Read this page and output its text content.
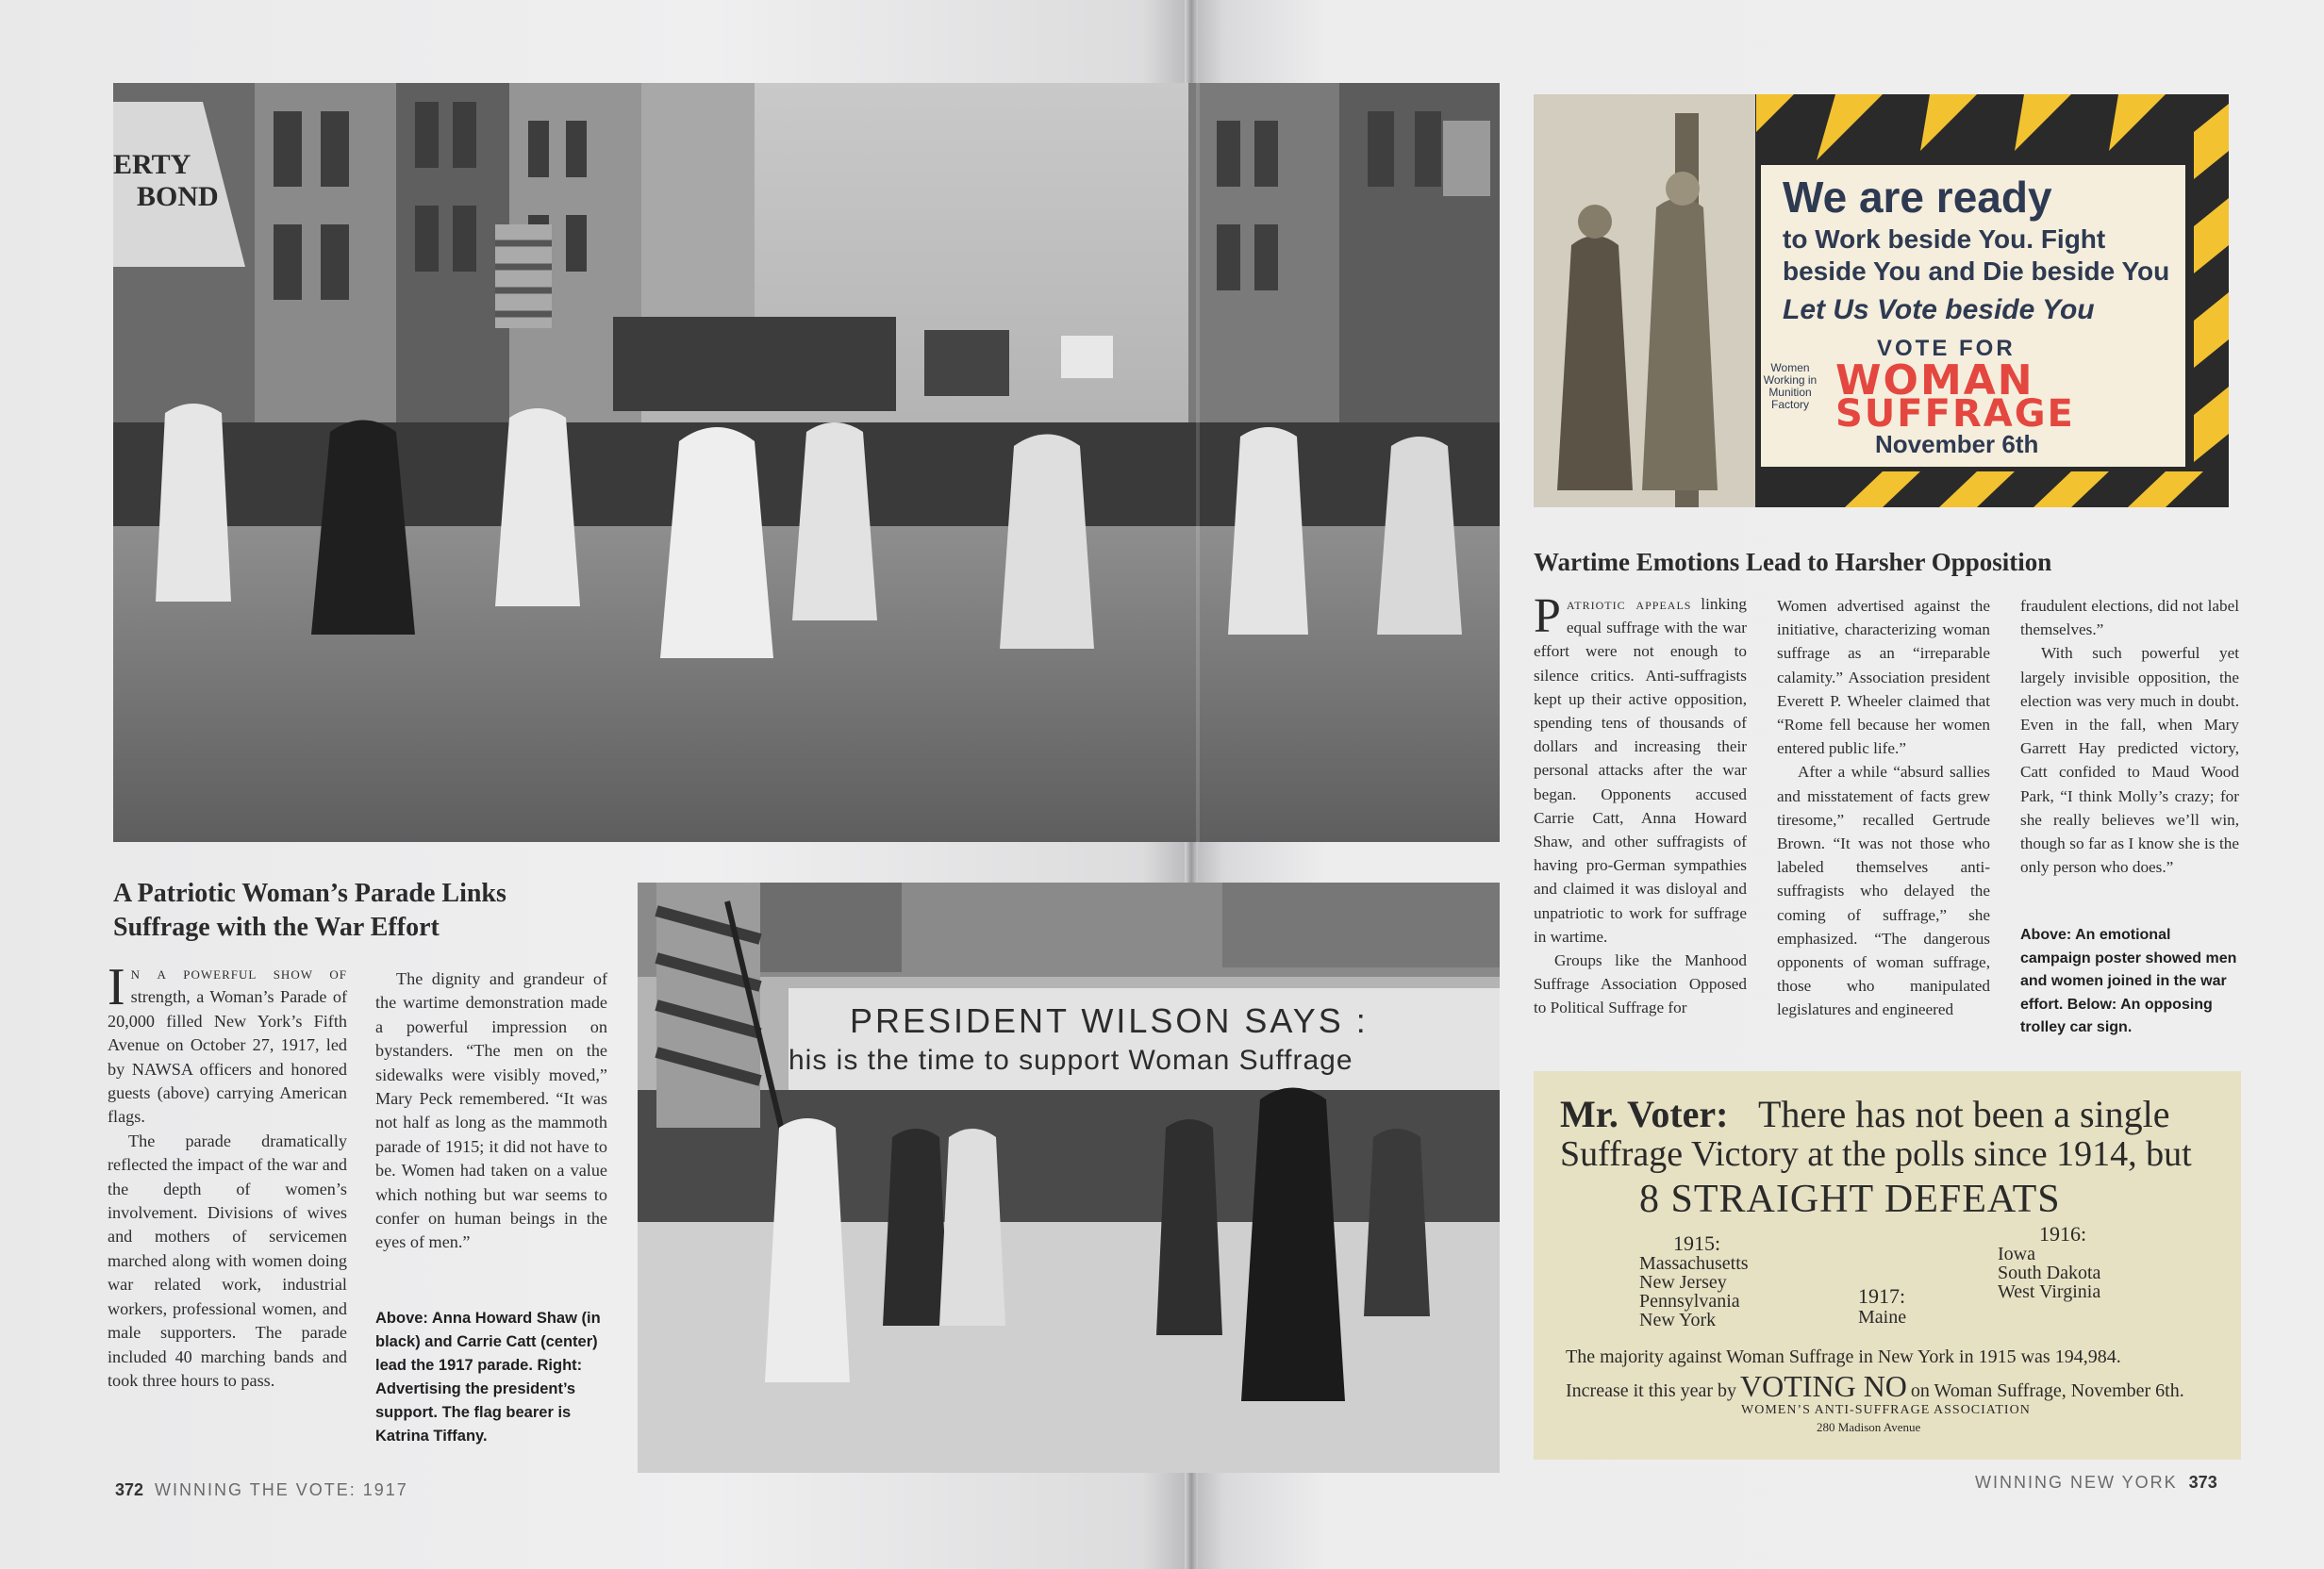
ERTY
BOND
PRESIDENT WILSON SAYS :
his is the time to support Woman Suffrage
A Patriotic Woman’s Parade Links Suffrage with the War Effort

In a powerful show of strength, a Woman’s Parade of 20,000 filled New York’s Fifth Avenue on October 27, 1917, led by NAWSA officers and honored guests (above) carrying American flags.

The parade dramatically reflected the impact of the war and the depth of women’s involvement. Divisions of wives and mothers of servicemen marched along with women doing war related work, industrial workers, professional women, and male supporters. The parade included 40 marching bands and took three hours to pass.

The dignity and grandeur of the wartime demonstration made a powerful impression on bystanders. “The men on the sidewalks were visibly moved,” Mary Peck remembered. “It was not half as long as the mammoth parade of 1915; it did not have to be. Women had taken on a value which nothing but war seems to confer on human beings in the eyes of men.”

Above: Anna Howard Shaw (in black) and Carrie Catt (center) lead the 1917 parade. Right: Advertising the president’s support. The flag bearer is Katrina Tiffany.
372 WINNING THE VOTE: 1917
We are ready
to Work beside You. Fight
beside You and Die beside You
Let Us Vote beside You
VOTE FOR
WOMAN
SUFFRAGE
November 6th
Women Working in Munition Factory
Wartime Emotions Lead to Harsher Opposition

Patriotic appeals linking equal suffrage with the war effort were not enough to silence critics. Anti-suffragists kept up their active opposition, spending tens of thousands of dollars and increasing their personal attacks after the war began. Opponents accused Carrie Catt, Anna Howard Shaw, and other suffragists of having pro-German sympathies and claimed it was disloyal and unpatriotic to work for suffrage in wartime.

Groups like the Manhood Suffrage Association Opposed to Political Suffrage for

Women advertised against the initiative, characterizing woman suffrage as an “irreparable calamity.” Association president Everett P. Wheeler claimed that “Rome fell because her women entered public life.”

After a while “absurd sallies and misstatement of facts grew tiresome,” recalled Gertrude Brown. “It was not those who labeled themselves anti-suffragists who delayed the coming of suffrage,” she emphasized. “The dangerous opponents of woman suffrage, those who manipulated legislatures and engineered

fraudulent elections, did not label themselves.”

With such powerful yet largely invisible opposition, the election was very much in doubt. Even in the fall, when Mary Garrett Hay predicted victory, Catt confided to Maud Wood Park, “I think Molly’s crazy; for she really believes we’ll win, though so far as I know she is the only person who does.”

Above: An emotional campaign poster showed men and women joined in the war effort. Below: An opposing trolley car sign.
Mr. Voter: There has not been a single
Suffrage Victory at the polls since 1914, but
8 STRAIGHT DEFEATS
1915:
Massachusetts
New Jersey
Pennsylvania
New York
1917:
Maine
1916:
Iowa
South Dakota
West Virginia
The majority against Woman Suffrage in New York in 1915 was 194,984.
Increase it this year by VOTING NO on Woman Suffrage, November 6th.
WOMEN’S ANTI-SUFFRAGE ASSOCIATION
280 Madison Avenue
WINNING NEW YORK 373
